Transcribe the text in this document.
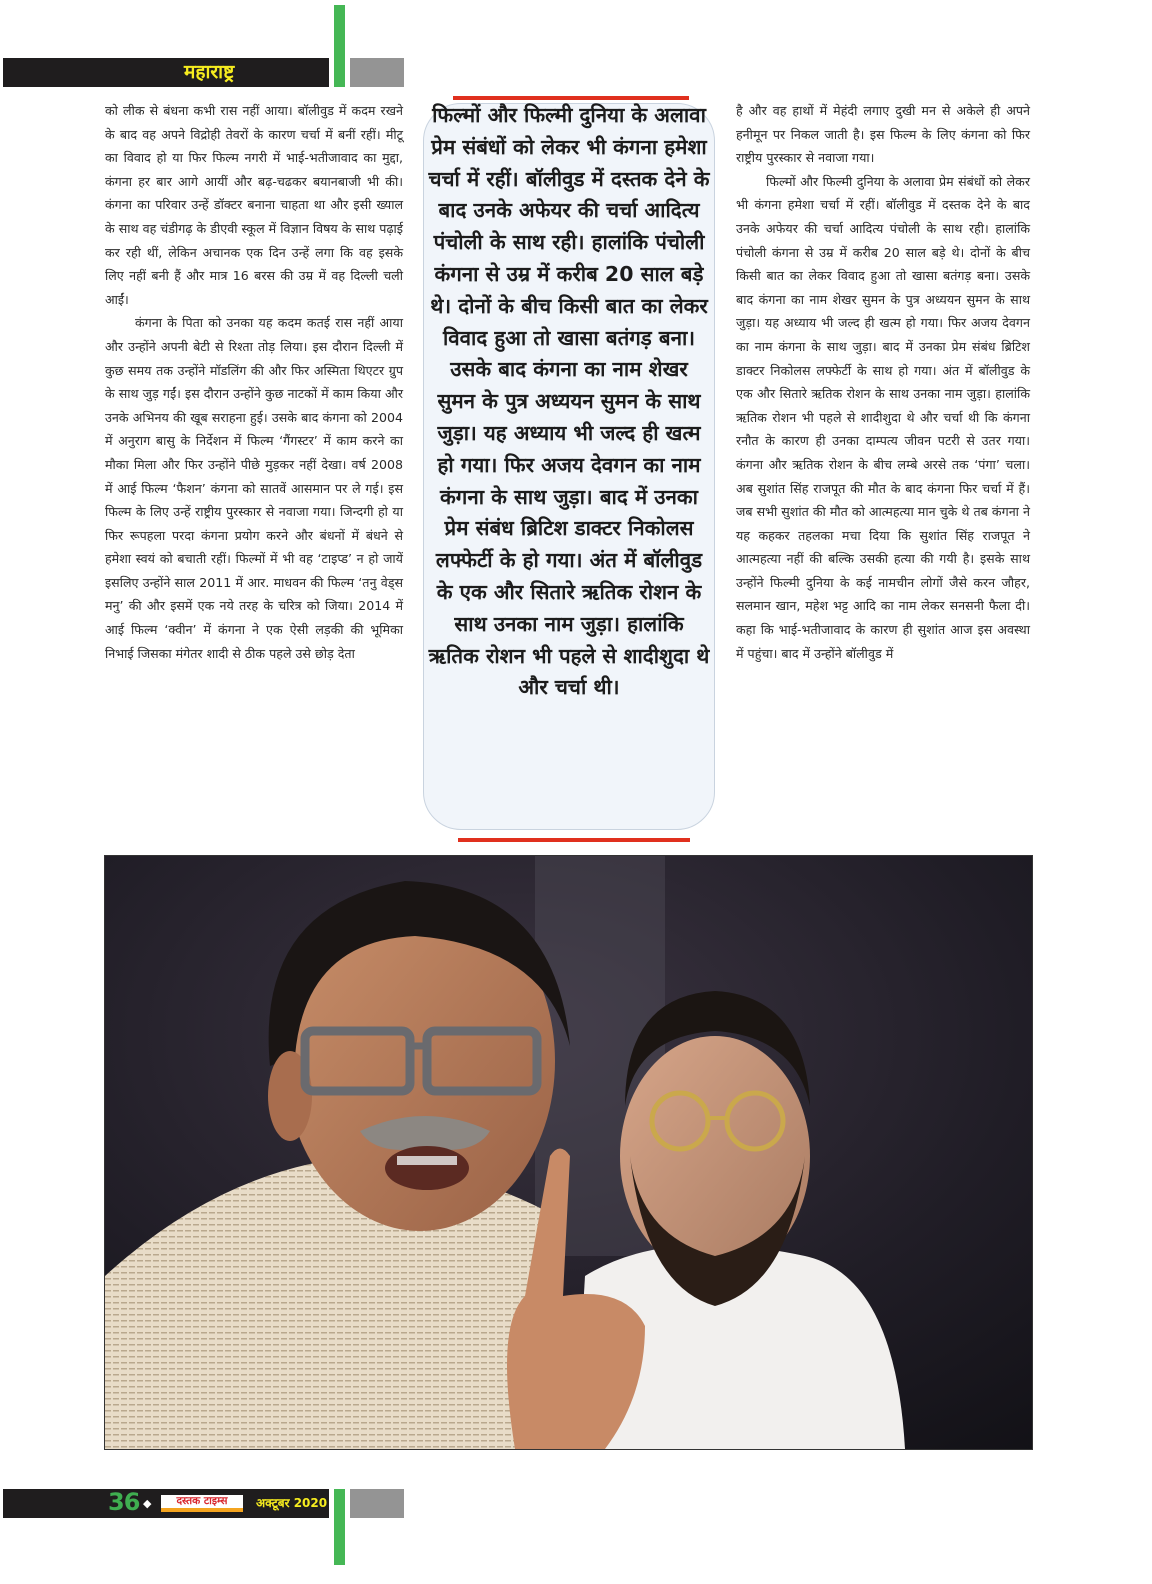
महाराष्ट्र

को लीक से बंधना कभी रास नहीं आया। बॉलीवुड में कदम रखने के बाद वह अपने विद्रोही तेवरों के कारण चर्चा में बनीं रहीं। मीटू का विवाद हो या फिर फिल्म नगरी में भाई-भतीजावाद का मुद्दा, कंगना हर बार आगे आयीं और बढ़-चढकर बयानबाजी भी की। कंगना का परिवार उन्हें डॉक्टर बनाना चाहता था और इसी ख्याल के साथ वह चंडीगढ़ के डीएवी स्कूल में विज्ञान विषय के साथ पढ़ाई कर रही थीं, लेकिन अचानक एक दिन उन्हें लगा कि वह इसके लिए नहीं बनी हैं और मात्र 16 बरस की उम्र में वह दिल्ली चली आईं।

कंगना के पिता को उनका यह कदम कतई रास नहीं आया और उन्होंने अपनी बेटी से रिश्ता तोड़ लिया। इस दौरान दिल्ली में कुछ समय तक उन्होंने मॉडलिंग की और फिर अस्मिता थिएटर ग्रुप के साथ जुड़ गईं। इस दौरान उन्होंने कुछ नाटकों में काम किया और उनके अभिनय की खूब सराहना हुई। उसके बाद कंगना को 2004 में अनुराग बासु के निर्देशन में फिल्म ‘गैंगस्टर’ में काम करने का मौका मिला और फिर उन्होंने पीछे मुड़कर नहीं देखा। वर्ष 2008 में आई फिल्म ‘फैशन’ कंगना को सातवें आसमान पर ले गई। इस फिल्म के लिए उन्हें राष्ट्रीय पुरस्कार से नवाजा गया। जिन्दगी हो या फिर रूपहला परदा कंगना प्रयोग करने और बंधनों में बंधने से हमेशा स्वयं को बचाती रहीं। फिल्मों में भी वह ‘टाइप्ड’ न हो जायें इसलिए उन्होंने साल 2011 में आर. माधवन की फिल्म ‘तनु वेड्स मनु’ की और इसमें एक नये तरह के चरित्र को जिया। 2014 में आई फिल्म ‘क्वीन’ में कंगना ने एक ऐसी लड़की की भूमिका निभाई जिसका मंगेतर शादी से ठीक पहले उसे छोड़ देता

फिल्मों और फिल्मी दुनिया के अलावा प्रेम संबंधों को लेकर भी कंगना हमेशा चर्चा में रहीं। बॉलीवुड में दस्तक देने के बाद उनके अफेयर की चर्चा आदित्य पंचोली के साथ रही। हालांकि पंचोली कंगना से उम्र में करीब 20 साल बड़े थे। दोनों के बीच किसी बात का लेकर विवाद हुआ तो खासा बतंगड़ बना। उसके बाद कंगना का नाम शेखर सुमन के पुत्र अध्ययन सुमन के साथ जुड़ा। यह अध्याय भी जल्द ही खत्म हो गया। फिर अजय देवगन का नाम कंगना के साथ जुड़ा। बाद में उनका प्रेम संबंध ब्रिटिश डाक्टर निकोलस लफ्फेर्टी के हो गया। अंत में बॉलीवुड के एक और सितारे ऋतिक रोशन के साथ उनका नाम जुड़ा। हालांकि ऋतिक रोशन भी पहले से शादीशुदा थे और चर्चा थी।

है और वह हाथों में मेहंदी लगाए दुखी मन से अकेले ही अपने हनीमून पर निकल जाती है। इस फिल्म के लिए कंगना को फिर राष्ट्रीय पुरस्कार से नवाजा गया।

फिल्मों और फिल्मी दुनिया के अलावा प्रेम संबंधों को लेकर भी कंगना हमेशा चर्चा में रहीं। बॉलीवुड में दस्तक देने के बाद उनके अफेयर की चर्चा आदित्य पंचोली के साथ रही। हालांकि पंचोली कंगना से उम्र में करीब 20 साल बड़े थे। दोनों के बीच किसी बात का लेकर विवाद हुआ तो खासा बतंगड़ बना। उसके बाद कंगना का नाम शेखर सुमन के पुत्र अध्ययन सुमन के साथ जुड़ा। यह अध्याय भी जल्द ही खत्म हो गया। फिर अजय देवगन का नाम कंगना के साथ जुड़ा। बाद में उनका प्रेम संबंध ब्रिटिश डाक्टर निकोलस लफ्फेर्टी के साथ हो गया। अंत में बॉलीवुड के एक और सितारे ऋतिक रोशन के साथ उनका नाम जुड़ा। हालांकि ऋतिक रोशन भी पहले से शादीशुदा थे और चर्चा थी कि कंगना रनौत के कारण ही उनका दाम्पत्य जीवन पटरी से उतर गया। कंगना और ऋतिक रोशन के बीच लम्बे अरसे तक ‘पंगा’ चला। अब सुशांत सिंह राजपूत की मौत के बाद कंगना फिर चर्चा में हैं। जब सभी सुशांत की मौत को आत्महत्या मान चुके थे तब कंगना ने यह कहकर तहलका मचा दिया कि सुशांत सिंह राजपूत ने आत्महत्या नहीं की बल्कि उसकी हत्या की गयी है। इसके साथ उन्होंने फिल्मी दुनिया के कई नामचीन लोगों जैसे करन जौहर, सलमान खान, महेश भट्ट आदि का नाम लेकर सनसनी फैला दी। कहा कि भाई-भतीजावाद के कारण ही सुशांत आज इस अवस्था में पहुंचा। बाद में उन्होंने बॉलीवुड में

36 ◆	दस्तक टाइम्स	अक्टूबर 2020
